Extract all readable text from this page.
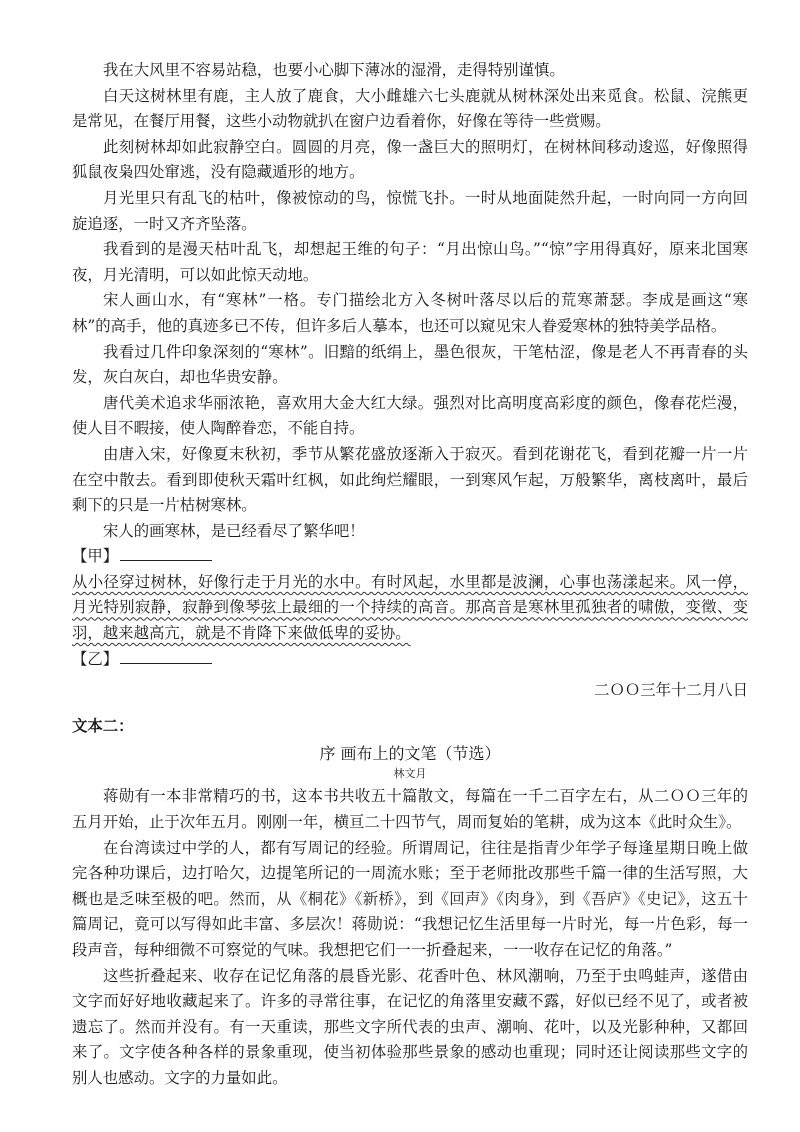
我在大风里不容易站稳，也要小心脚下薄冰的湿滑，走得特别谨慎。

白天这树林里有鹿，主人放了鹿食，大小雌雄六七头鹿就从树林深处出来觅食。松鼠、浣熊更是常见，在餐厅用餐，这些小动物就扒在窗户边看着你，好像在等待一些赏赐。

此刻树林却如此寂静空白。圆圆的月亮，像一盏巨大的照明灯，在树林间移动逡巡，好像照得狐鼠夜枭四处窜逃，没有隐藏遁形的地方。

月光里只有乱飞的枯叶，像被惊动的鸟，惊慌飞扑。一时从地面陡然升起，一时向同一方向回旋追逐，一时又齐齐坠落。

我看到的是漫天枯叶乱飞，却想起王维的句子：“月出惊山鸟。”“惊”字用得真好，原来北国寒夜，月光清明，可以如此惊天动地。

宋人画山水，有“寒林”一格。专门描绘北方入冬树叶落尽以后的荒寒萧瑟。李成是画这“寒林”的高手，他的真迹多已不传，但许多后人摹本，也还可以窥见宋人眷爱寒林的独特美学品格。

我看过几件印象深刻的“寒林”。旧黯的纸绢上，墨色很灰，干笔枯涩，像是老人不再青春的头发，灰白灰白，却也华贵安静。

唐代美术追求华丽浓艳，喜欢用大金大红大绿。强烈对比高明度高彩度的颜色，像春花烂漫，使人目不暇接，使人陶醉眷恋，不能自持。

由唐入宋，好像夏末秋初，季节从繁花盛放逐渐入于寂灭。看到花谢花飞，看到花瓣一片一片在空中散去。看到即使秋天霜叶红枫，如此绚烂耀眼，一到寒风乍起，万般繁华，离枝离叶，最后剩下的只是一片枯树寒林。

宋人的画寒林，是已经看尽了繁华吧！

【甲】

从小径穿过树林，好像行走于月光的水中。有时风起，水里都是波澜，心事也荡漾起来。风一停，月光特别寂静，寂静到像琴弦上最细的一个持续的高音。那高音是寒林里孤独者的啸傲，变徵、变羽，越来越高亢，就是不肯降下来做低卑的妥协。

【乙】

二ＯＯ三年十二月八日

文本二：

序 画布上的文笔（节选）

林文月

蒋勋有一本非常精巧的书，这本书共收五十篇散文，每篇在一千二百字左右，从二ＯＯ三年的五月开始，止于次年五月。刚刚一年，横亘二十四节气，周而复始的笔耕，成为这本《此时众生》。

在台湾读过中学的人，都有写周记的经验。所谓周记，往往是指青少年学子每逢星期日晚上做完各种功课后，边打哈欠，边提笔所记的一周流水账；至于老师批改那些千篇一律的生活写照，大概也是乏味至极的吧。然而，从《桐花》《新桥》，到《回声》《肉身》，到《吾庐》《史记》，这五十篇周记，竟可以写得如此丰富、多层次！蒋勋说：“我想记忆生活里每一片时光，每一片色彩，每一段声音，每种细微不可察觉的气味。我想把它们一一折叠起来，一一收存在记忆的角落。”

这些折叠起来、收存在记忆角落的晨昏光影、花香叶色、林风潮响，乃至于虫鸣蛙声，遂借由文字而好好地收藏起来了。许多的寻常往事，在记忆的角落里安藏不露，好似已经不见了，或者被遗忘了。然而并没有。有一天重读，那些文字所代表的虫声、潮响、花叶，以及光影种种，又都回来了。文字使各种各样的景象重现，使当初体验那些景象的感动也重现；同时还让阅读那些文字的别人也感动。文字的力量如此。
